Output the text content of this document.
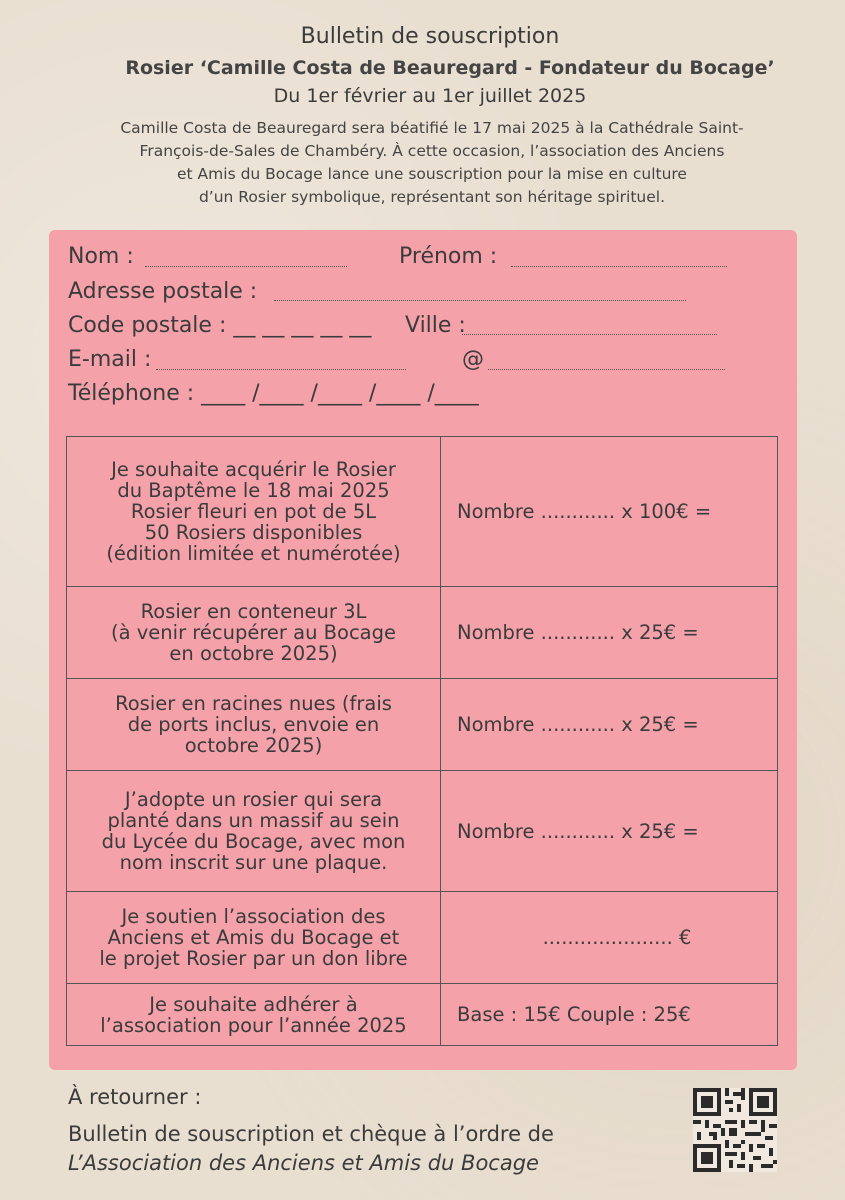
Bulletin de souscription
Rosier ‘Camille Costa de Beauregard - Fondateur du Bocage’
Du 1er février au 1er juillet 2025
Camille Costa de Beauregard sera béatifié le 17 mai 2025 à la Cathédrale Saint-
François-de-Sales de Chambéry. À cette occasion, l’association des Anciens
et Amis du Bocage lance une souscription pour la mise en culture
d’un Rosier symbolique, représentant son héritage spirituel.
Nom :	Prénom :
Adresse postale :
Code postale : __ __ __ __ __ Ville :
E-mail :	@
Téléphone : ____ /____ /____ /____ /____
Je souhaite acquérir le Rosier
du Baptême le 18 mai 2025
Rosier fleuri en pot de 5L
50 Rosiers disponibles
(édition limitée et numérotée)	Nombre ............ x 100€ =

Rosier en conteneur 3L
(à venir récupérer au Bocage
en octobre 2025)	Nombre ............ x 25€ =

Rosier en racines nues (frais
de ports inclus, envoie en
octobre 2025)	Nombre ............ x 25€ =

J’adopte un rosier qui sera
planté dans un massif au sein
du Lycée du Bocage, avec mon
nom inscrit sur une plaque.	Nombre ............ x 25€ =

Je soutien l’association des
Anciens et Amis du Bocage et
le projet Rosier par un don libre	..................... €

Je souhaite adhérer à
l’association pour l’année 2025	Base : 15€ Couple : 25€
À retourner :
Bulletin de souscription et chèque à l’ordre de
L’Association des Anciens et Amis du Bocage
